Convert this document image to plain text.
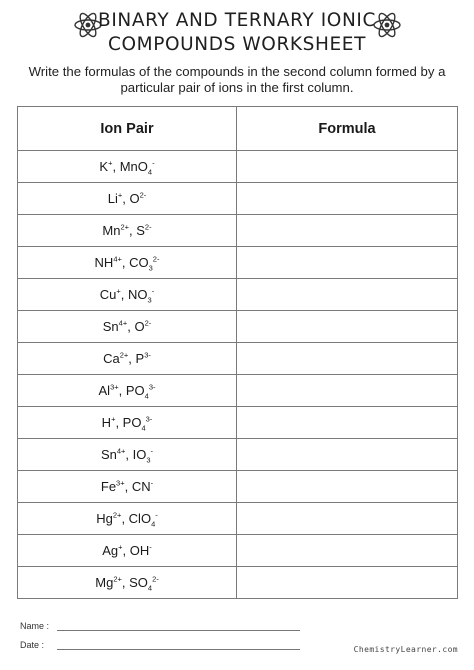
BINARY AND TERNARY IONIC
COMPOUNDS WORKSHEET
Write the formulas of the compounds in the second column formed by a particular pair of ions in the first column.
Ion Pair	Formula
K+, MnO$_4$-	
Li+, $O^{2-}$	
$Mn^{2+}$, $S^{2-}$	
$NH^{4+}$, $CO_3^{2-}$	
Cu+, $NO_3^-$	
$Sn^{4+}$, $O^{2-}$	
$Ca^{2+}$, $P^{3-}$	
$Al^{3+}$, $PO_4^{3-}$	
H+, $PO_4^{3-}$	
$Sn^{4+}$, $IO_3^-$	
$Fe^{3+}$, CN-	
$Hg^{2+}$, ClO$_4$-	
Ag+, OH-	
$Mg^{2+}$, $SO_4^{2-}$	
Name :
Date :	ChemistryLearner.com
